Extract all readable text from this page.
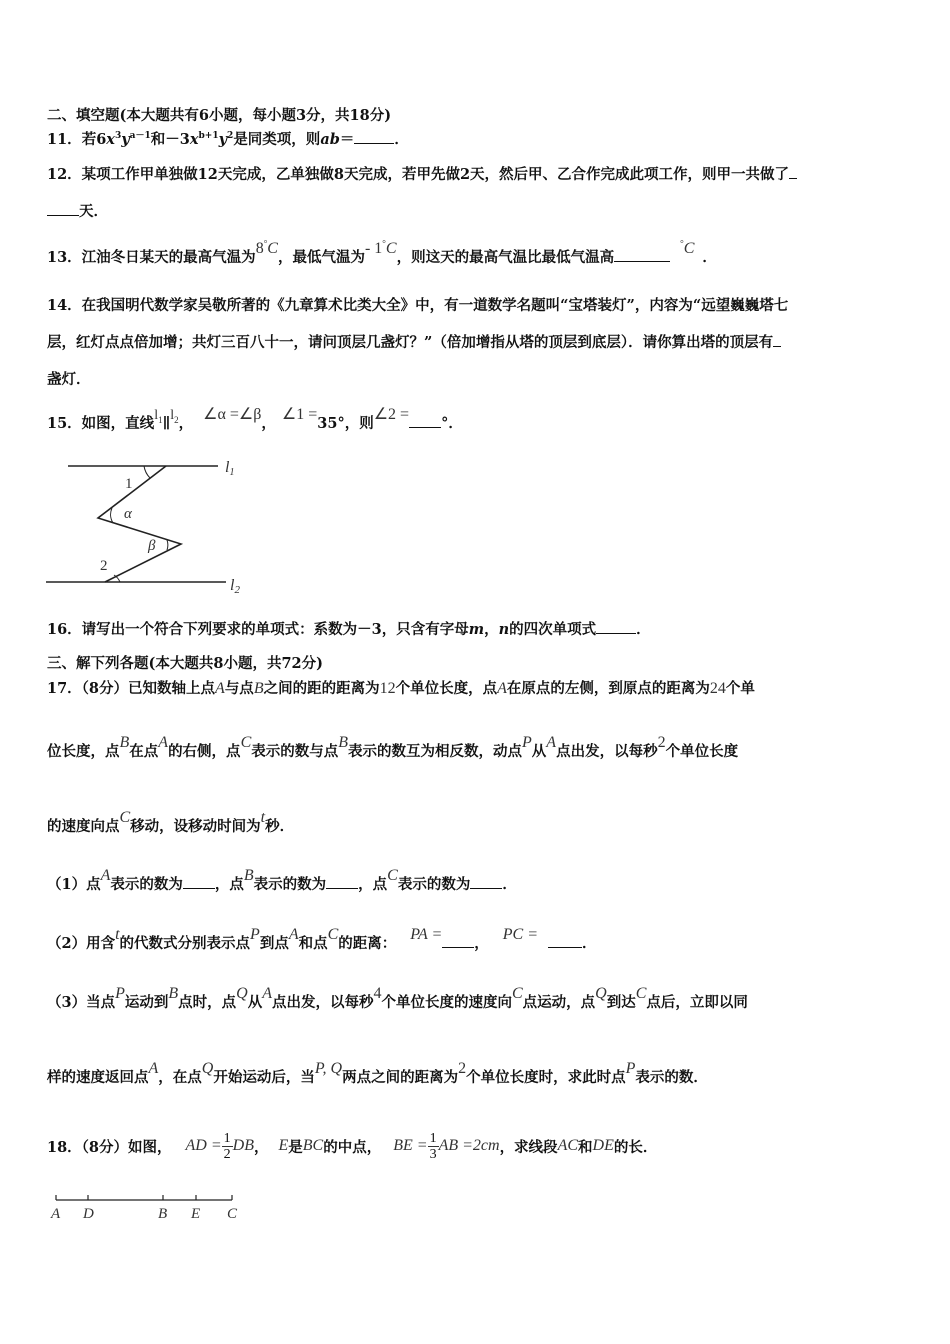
二、填空题(本大题共有6小题，每小题3分，共18分)
11．若$6x^3y^{a-1}$和$-3x^{b+1}y^2$是同类项，则ab＝	．
12．某项工作甲单独做12天完成，乙单独做8天完成，若甲先做2天，然后甲、乙合作完成此项工作，则甲一共做了
天．
13．江油冬日某天的最高气温为8°C，最低气温为- 1°C，则这天的最高气温比最低气温高°C．
14．在我国明代数学家吴敬所著的《九章算术比类大全》中，有一道数学名题叫“宝塔装灯”，内容为“远望巍巍塔七
层，红灯点点倍加增；共灯三百八十一，请问顶层几盏灯？”（倍加增指从塔的顶层到底层）．请你算出塔的顶层有
盏灯．
15．如图，直线$l_1\parallel l_2$，∠α =∠β，∠1 =35°，则∠2 =°．
l1
l2
1
α
β
2
16．请写出一个符合下列要求的单项式：系数为－3，只含有字母m，n的四次单项式	．
三、解下列各题(本大题共8小题，共72分)
17．（8分）已知数轴上点A与点B之间的距的距离为12个单位长度，点A在原点的左侧，到原点的距离为24个单
位长度，点B在点A的右侧，点C表示的数与点B表示的数互为相反数，动点P从A点出发，以每秒2个单位长度
的速度向点C移动，设移动时间为t秒．
（1）点A表示的数为 ，点B表示的数为 ，点C表示的数为 ．
（2）用含t的代数式分别表示点P到点A和点C的距离：PA =，PC =．
（3）当点P运动到B点时，点Q从A点出发，以每秒4个单位长度的速度向C点运动，点Q到达C点后，立即以同
样的速度返回点A，在点Q开始运动后，当P, Q两点之间的距离为2个单位长度时，求此时点P表示的数．
18．（8分）如图， AD = $\frac{1}{2}$ DB ， E 是 BC 的中点， BE = $\frac{1}{3}$ AB =2cm ，求线段 AC 和 DE 的长．
A D	B E C
